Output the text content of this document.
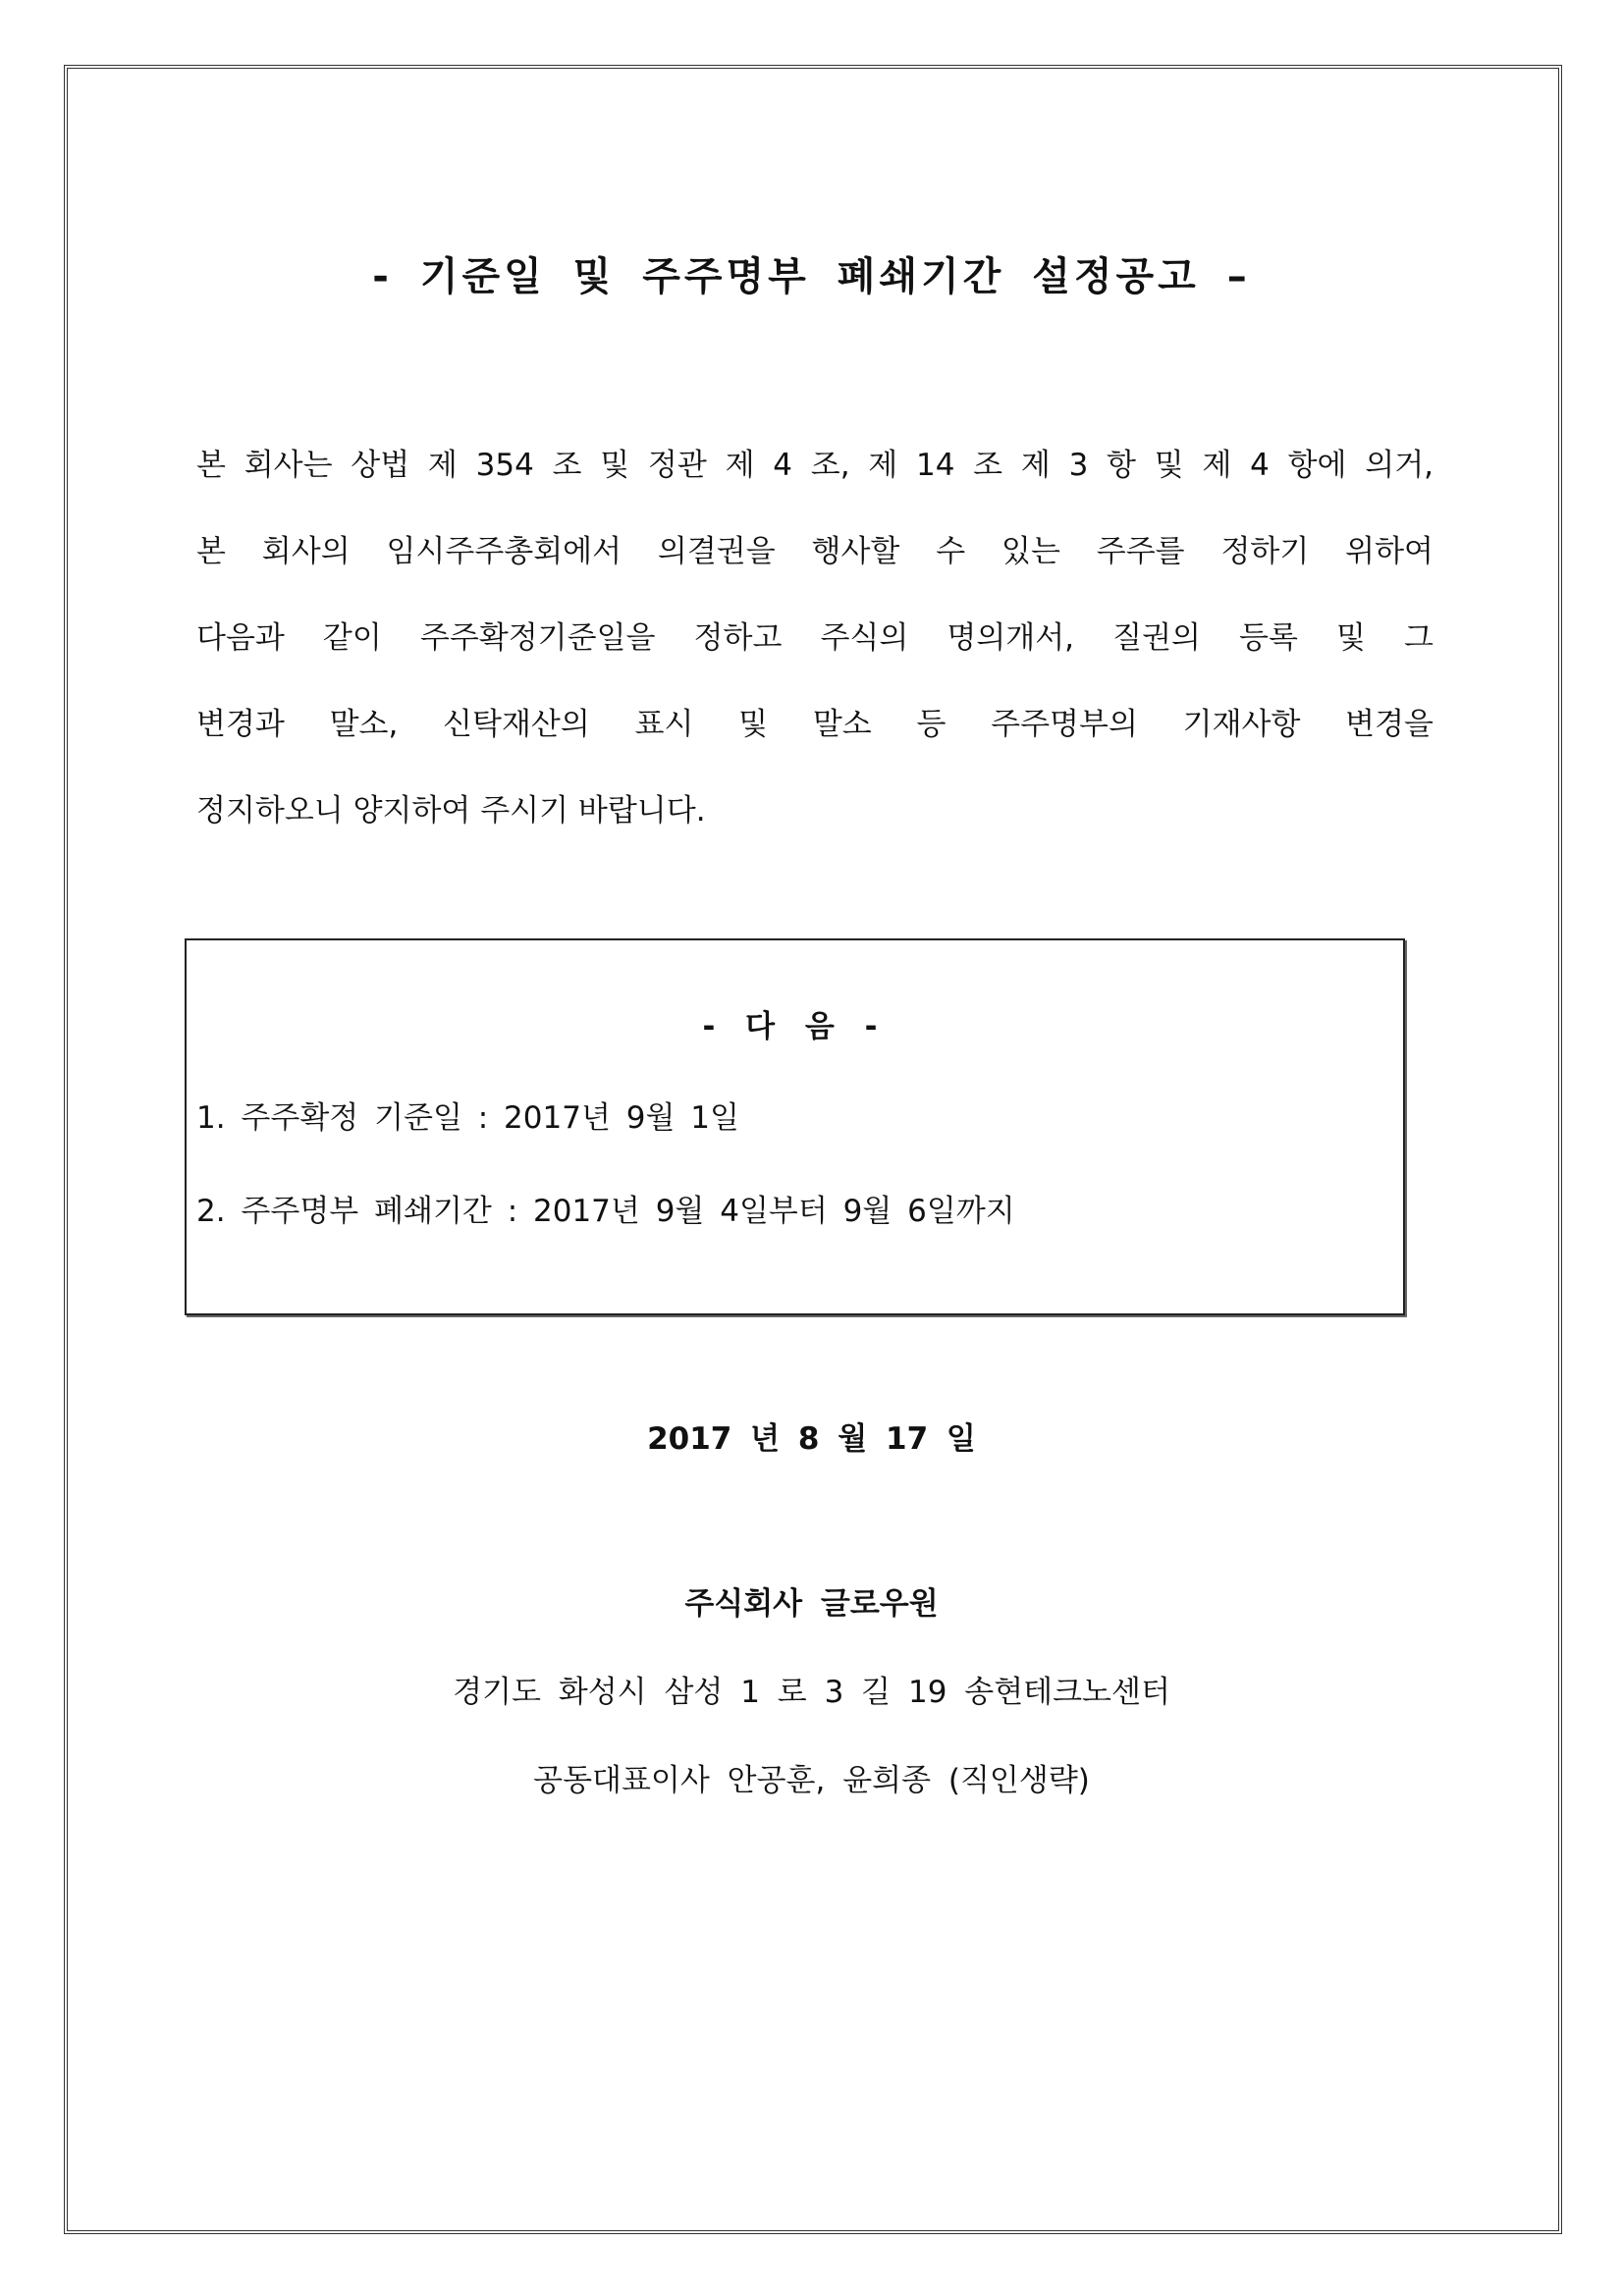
- 기준일 및 주주명부 폐쇄기간 설정공고 –
본 회사는 상법 제 354 조 및 정관 제 4 조, 제 14 조 제 3 항 및 제 4 항에 의거,
본 회사의 임시주주총회에서 의결권을 행사할 수 있는 주주를 정하기 위하여
다음과 같이 주주확정기준일을 정하고 주식의 명의개서, 질권의 등록 및 그
변경과 말소, 신탁재산의 표시 및 말소 등 주주명부의 기재사항 변경을
정지하오니 양지하여 주시기 바랍니다.

- 다 음 -

1. 주주확정 기준일 : 2017년 9월 1일

2. 주주명부 폐쇄기간 : 2017년 9월 4일부터 9월 6일까지

2017 년 8 월 17 일

주식회사 글로우원

경기도 화성시 삼성 1 로 3 길 19 송현테크노센터

공동대표이사 안공훈, 윤희종 (직인생략)
